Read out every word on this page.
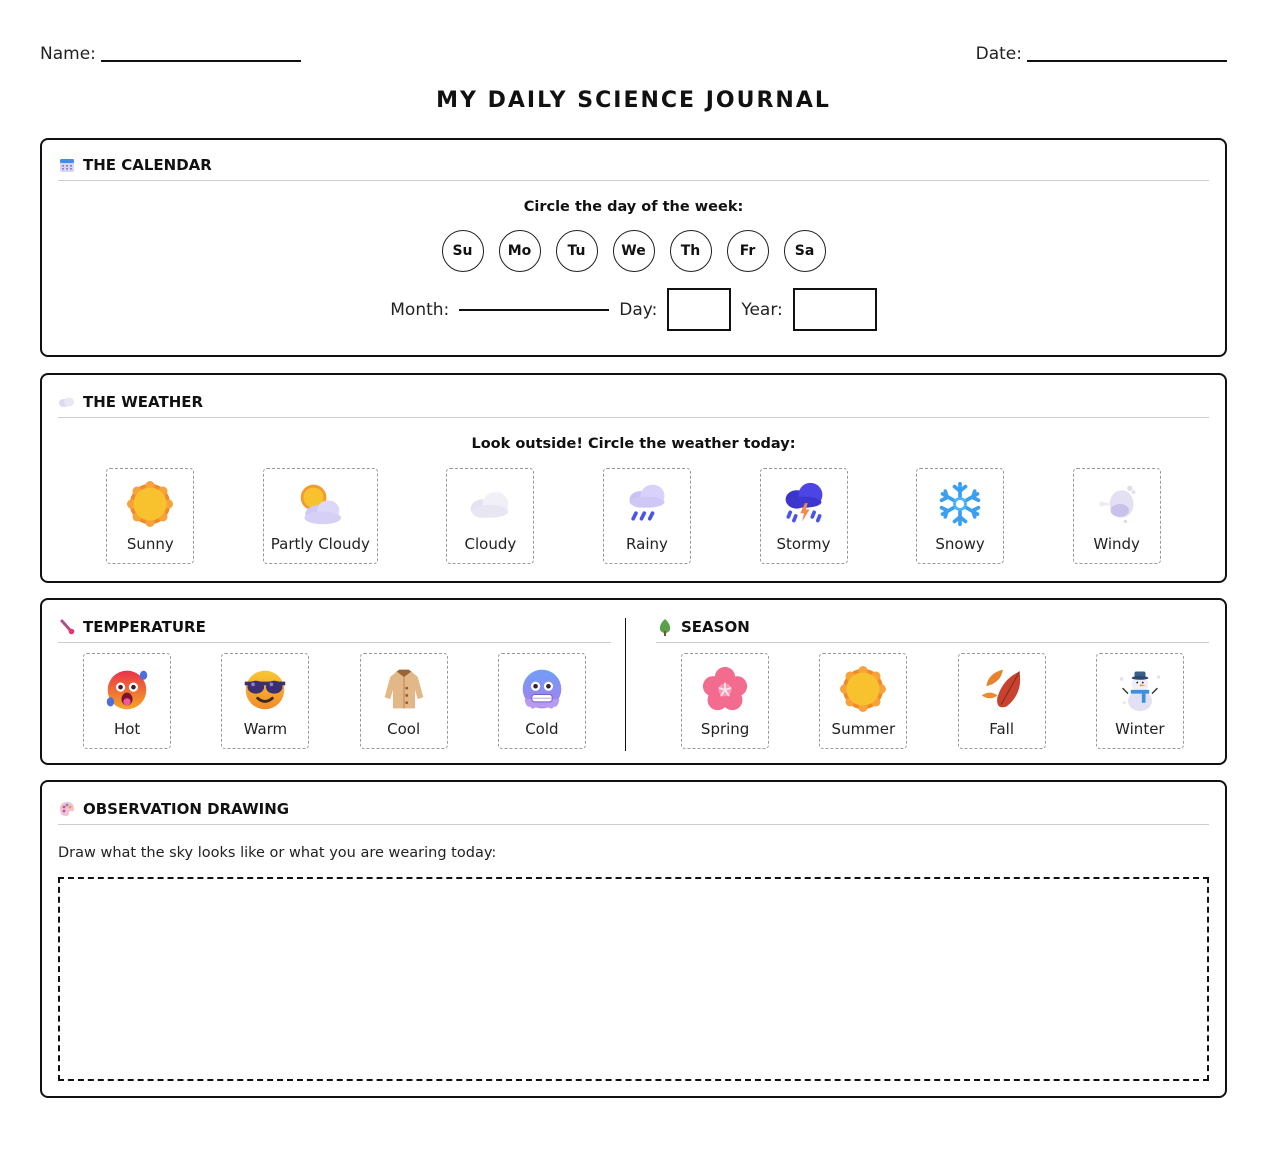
Name:	Date:
MY DAILY SCIENCE JOURNAL
THE CALENDAR
Circle the day of the week:
Su	Mo	Tu	We	Th	Fr	Sa
Month:	Day:	Year:
THE WEATHER
Look outside! Circle the weather today:
Sunny	Partly Cloudy	Cloudy	Rainy	Stormy	Snowy	Windy
TEMPERATURE
Hot	Warm	Cool	Cold
SEASON
Spring	Summer	Fall	Winter
OBSERVATION DRAWING
Draw what the sky looks like or what you are wearing today:
